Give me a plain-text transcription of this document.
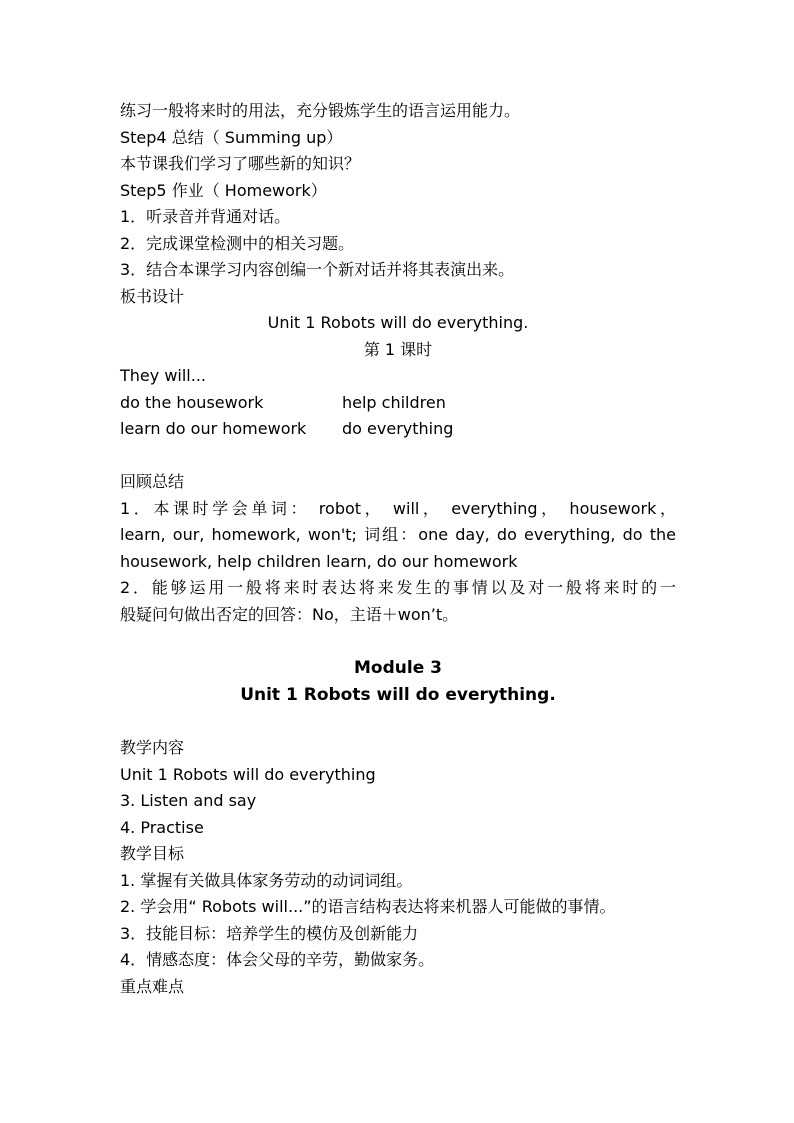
练习一般将来时的用法，充分锻炼学生的语言运用能力。
Step4 总结（ Summing up）
本节课我们学习了哪些新的知识？
Step5 作业（ Homework）
1．听录音并背通对话。
2．完成课堂检测中的相关习题。
3．结合本课学习内容创编一个新对话并将其表演出来。
板书设计
Unit 1 Robots will do everything.
第 1 课时
They will...
do the housework	help children
learn do our homework do everything
回顾总结
1．本课时学会单词： robot， will， everything， housework，
learn, our, homework, won't; 词组：one day, do everything, do the
housework, help children learn, do our homework
2．能够运用一般将来时表达将来发生的事情以及对一般将来时的一
般疑问句做出否定的回答：No，主语＋won’t。
Module 3
Unit 1 Robots will do everything.
教学内容
Unit 1 Robots will do everything
3. Listen and say
4. Practise
教学目标
1. 掌握有关做具体家务劳动的动词词组。
2. 学会用“ Robots will...”的语言结构表达将来机器人可能做的事情。
3．技能目标：培养学生的模仿及创新能力
4．情感态度：体会父母的辛劳，勤做家务。
重点难点
